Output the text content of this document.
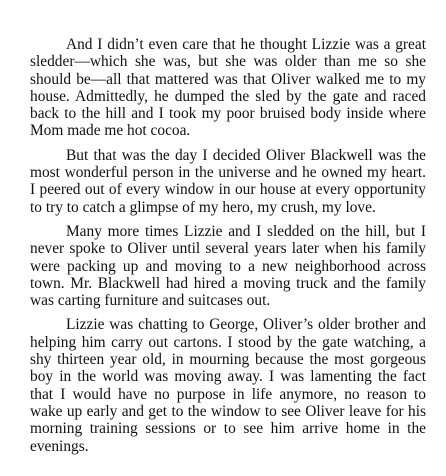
And I didn’t even care that he thought Lizzie was a great sledder—which she was, but she was older than me so she should be—all that mattered was that Oliver walked me to my house. Admittedly, he dumped the sled by the gate and raced back to the hill and I took my poor bruised body inside where Mom made me hot cocoa.

But that was the day I decided Oliver Blackwell was the most wonderful person in the universe and he owned my heart. I peered out of every window in our house at every opportunity to try to catch a glimpse of my hero, my crush, my love.

Many more times Lizzie and I sledded on the hill, but I never spoke to Oliver until several years later when his family were packing up and moving to a new neighborhood across town. Mr. Blackwell had hired a moving truck and the family was carting furniture and suitcases out.

Lizzie was chatting to George, Oliver’s older brother and helping him carry out cartons. I stood by the gate watching, a shy thirteen year old, in mourning because the most gorgeous boy in the world was moving away. I was lamenting the fact that I would have no purpose in life anymore, no reason to wake up early and get to the window to see Oliver leave for his morning training sessions or to see him arrive home in the evenings.
